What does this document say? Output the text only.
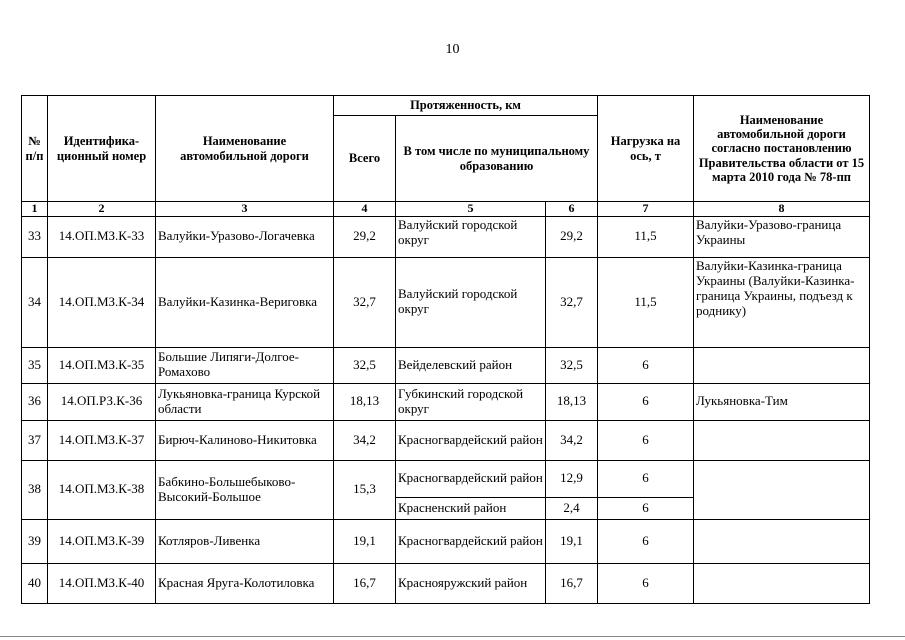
10
№ п/п	Идентифика- ционный номер	Наименование автомобильной дороги	Протяженность, км			Нагрузка на ось, т	Наименование автомобильной дороги согласно постановлению Правительства области от 15 марта 2010 года № 78-пп
			Всего	В том числе по муниципальному образованию			
1	2	3	4	5	6	7	8
33	14.ОП.МЗ.К-33	Валуйки-Уразово-Логачевка	29,2	Валуйский городской округ	29,2	11,5	Валуйки-Уразово-граница Украины
34	14.ОП.МЗ.К-34	Валуйки-Казинка-Вериговка	32,7	Валуйский городской округ	32,7	11,5	Валуйки-Казинка-граница Украины (Валуйки-Казинка-граница Украины, подъезд к роднику)
35	14.ОП.МЗ.К-35	Большие Липяги-Долгое-Ромахово	32,5	Вейделевский район	32,5	6	
36	14.ОП.РЗ.К-36	Лукьяновка-граница Курской области	18,13	Губкинский городской округ	18,13	6	Лукьяновка-Тим
37	14.ОП.МЗ.К-37	Бирюч-Калиново-Никитовка	34,2	Красногвардейский район	34,2	6	
38	14.ОП.МЗ.К-38	Бабкино-Большебыково-Высокий-Большое	15,3	Красногвардейский район	12,9	6	
				Красненский район	2,4	6	
39	14.ОП.МЗ.К-39	Котляров-Ливенка	19,1	Красногвардейский район	19,1	6	
40	14.ОП.МЗ.К-40	Красная Яруга-Колотиловка	16,7	Краснояружский район	16,7	6	
